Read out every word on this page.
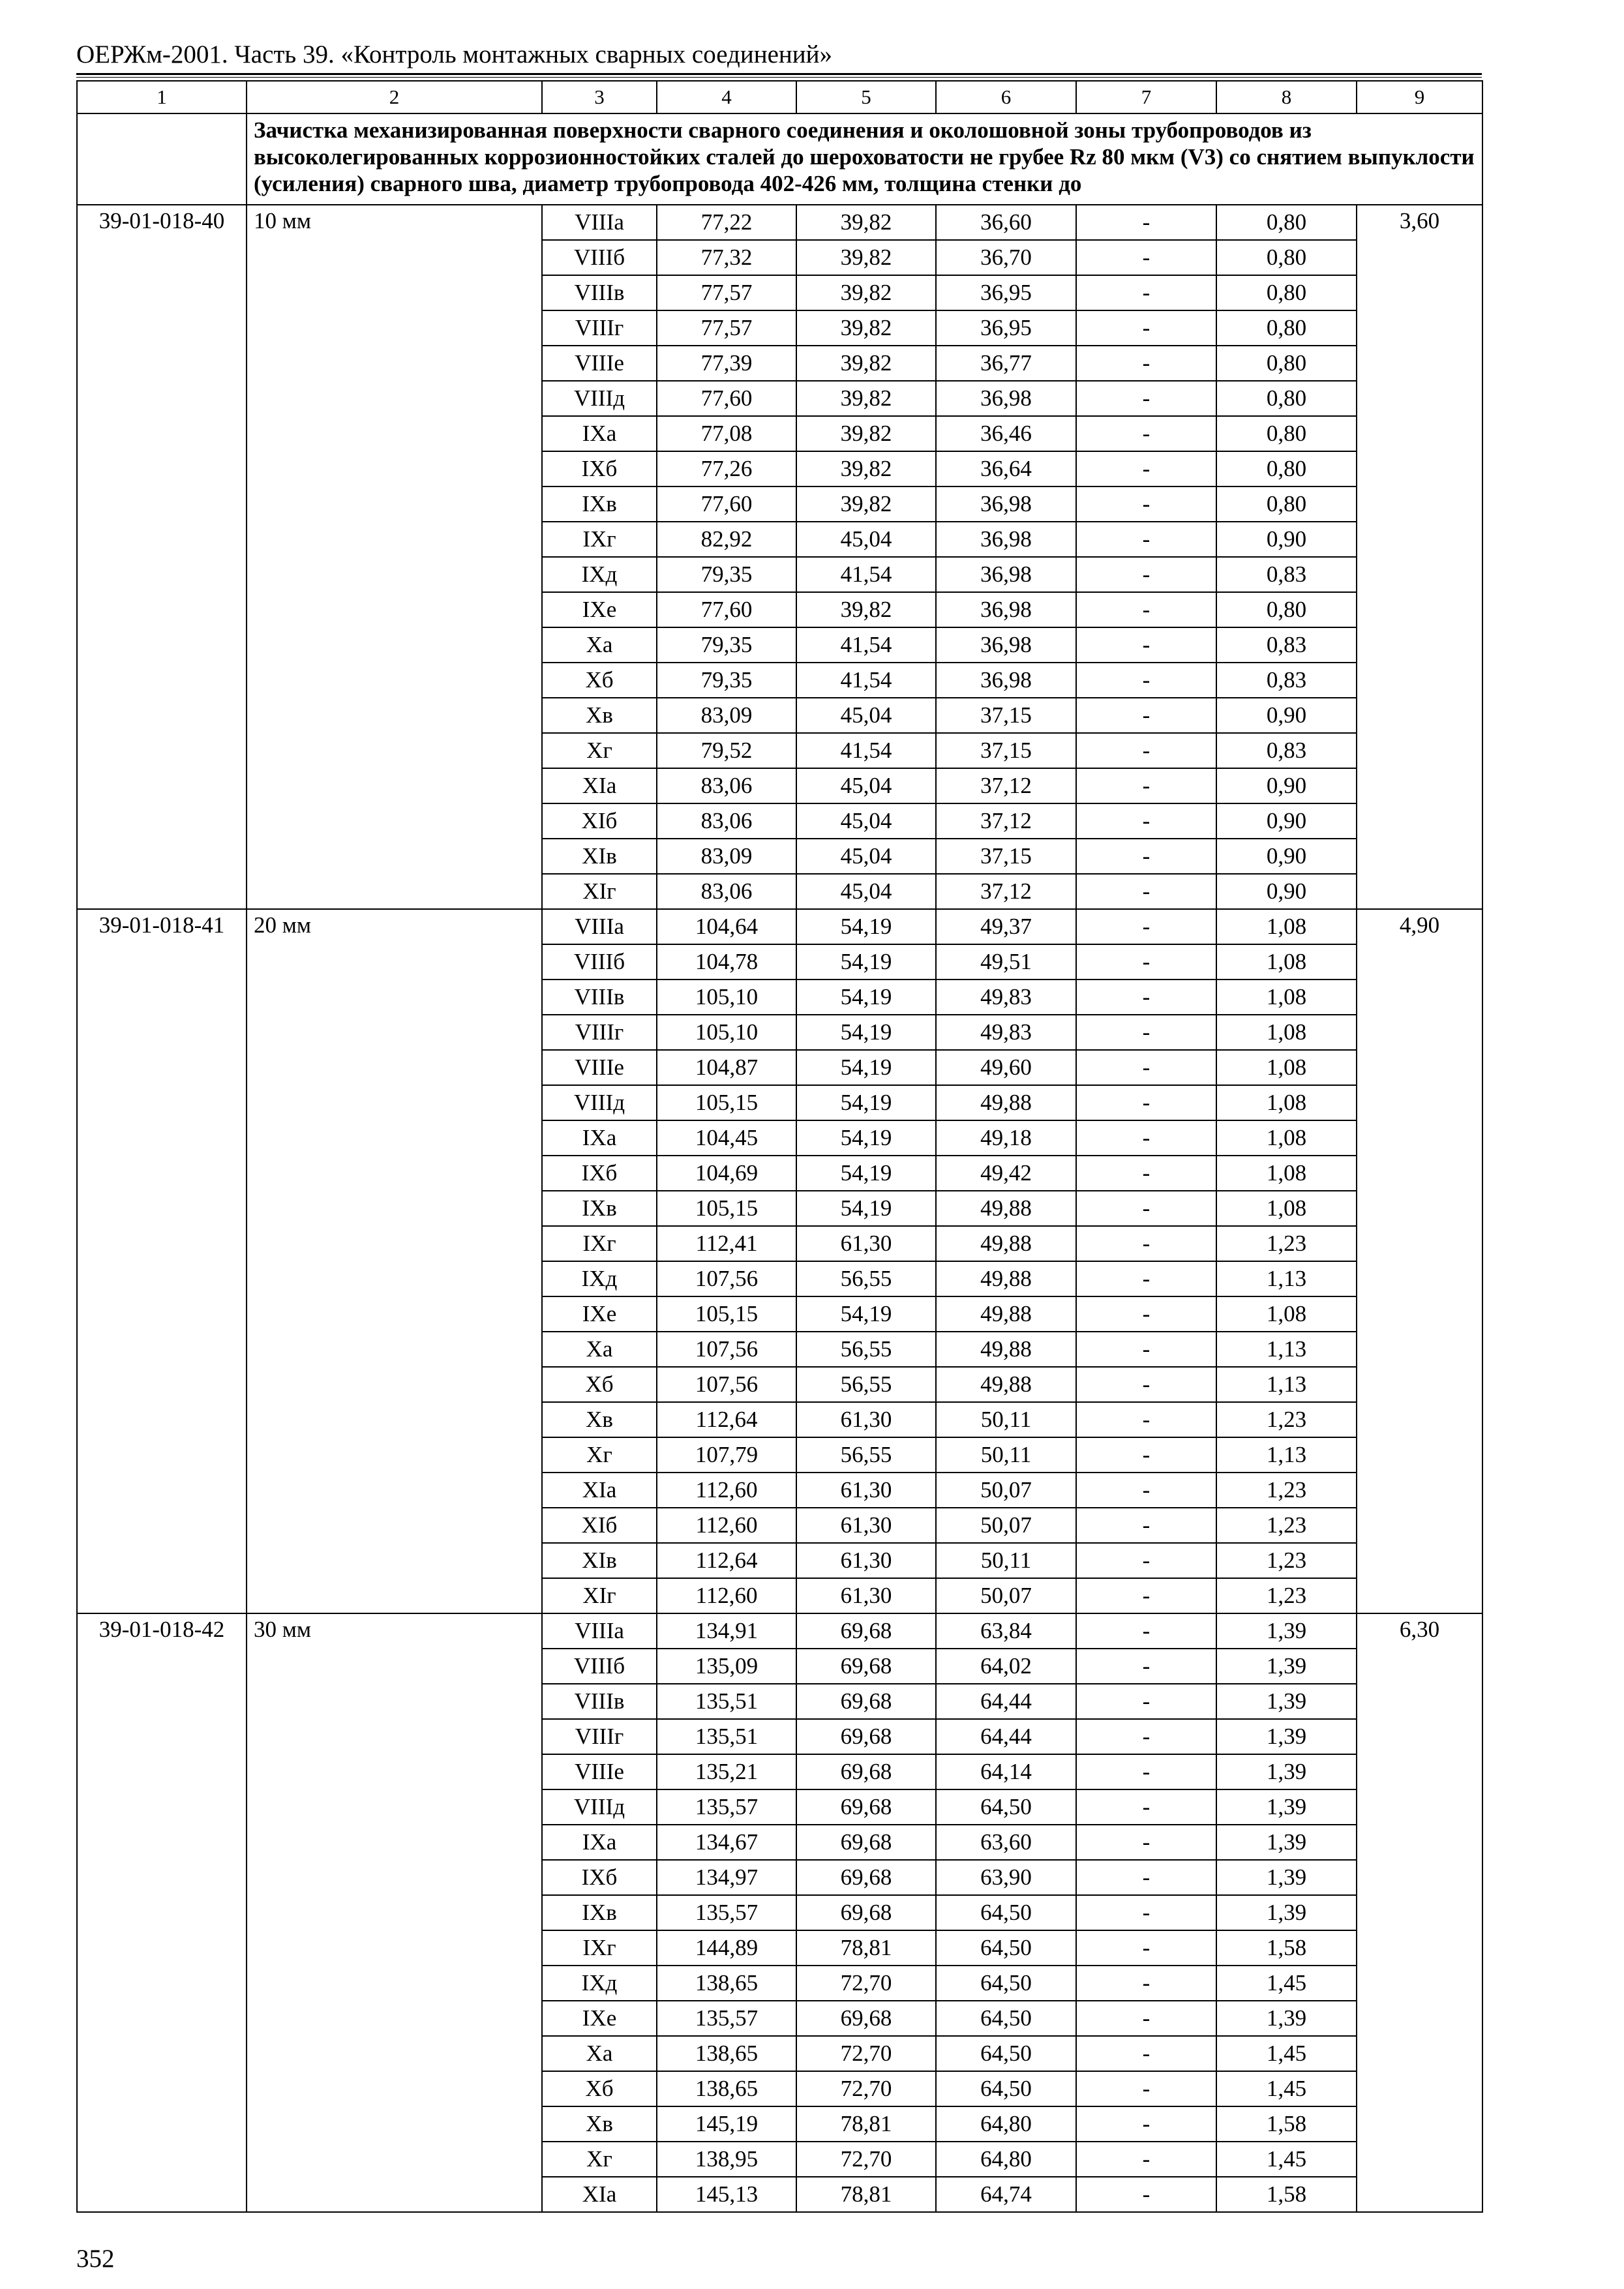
ОЕРЖм-2001. Часть 39. «Контроль монтажных сварных соединений»
1	2	3	4	5	6	7	8	9
	Зачистка механизированная поверхности сварного соединения и околошовной зоны трубопроводов из высоколегированных коррозионностойких сталей до шероховатости не грубее Rz 80 мкм (V3) со снятием выпуклости (усиления) сварного шва, диаметр трубопровода 402-426 мм, толщина стенки до							
39-01-018-40	10 мм	VIIIа	77,22	39,82	36,60	-	0,80	3,60
		VIIIб	77,32	39,82	36,70	-	0,80	
		VIIIв	77,57	39,82	36,95	-	0,80	
		VIIIг	77,57	39,82	36,95	-	0,80	
		VIIIе	77,39	39,82	36,77	-	0,80	
		VIIIд	77,60	39,82	36,98	-	0,80	
		IXа	77,08	39,82	36,46	-	0,80	
		IXб	77,26	39,82	36,64	-	0,80	
		IXв	77,60	39,82	36,98	-	0,80	
		IXг	82,92	45,04	36,98	-	0,90	
		IXд	79,35	41,54	36,98	-	0,83	
		IXе	77,60	39,82	36,98	-	0,80	
		Xа	79,35	41,54	36,98	-	0,83	
		Xб	79,35	41,54	36,98	-	0,83	
		Xв	83,09	45,04	37,15	-	0,90	
		Xг	79,52	41,54	37,15	-	0,83	
		XIа	83,06	45,04	37,12	-	0,90	
		XIб	83,06	45,04	37,12	-	0,90	
		XIв	83,09	45,04	37,15	-	0,90	
		XIг	83,06	45,04	37,12	-	0,90	
39-01-018-41	20 мм	VIIIа	104,64	54,19	49,37	-	1,08	4,90
		VIIIб	104,78	54,19	49,51	-	1,08	
		VIIIв	105,10	54,19	49,83	-	1,08	
		VIIIг	105,10	54,19	49,83	-	1,08	
		VIIIе	104,87	54,19	49,60	-	1,08	
		VIIIд	105,15	54,19	49,88	-	1,08	
		IXа	104,45	54,19	49,18	-	1,08	
		IXб	104,69	54,19	49,42	-	1,08	
		IXв	105,15	54,19	49,88	-	1,08	
		IXг	112,41	61,30	49,88	-	1,23	
		IXд	107,56	56,55	49,88	-	1,13	
		IXе	105,15	54,19	49,88	-	1,08	
		Xа	107,56	56,55	49,88	-	1,13	
		Xб	107,56	56,55	49,88	-	1,13	
		Xв	112,64	61,30	50,11	-	1,23	
		Xг	107,79	56,55	50,11	-	1,13	
		XIа	112,60	61,30	50,07	-	1,23	
		XIб	112,60	61,30	50,07	-	1,23	
		XIв	112,64	61,30	50,11	-	1,23	
		XIг	112,60	61,30	50,07	-	1,23	
39-01-018-42	30 мм	VIIIа	134,91	69,68	63,84	-	1,39	6,30
		VIIIб	135,09	69,68	64,02	-	1,39	
		VIIIв	135,51	69,68	64,44	-	1,39	
		VIIIг	135,51	69,68	64,44	-	1,39	
		VIIIе	135,21	69,68	64,14	-	1,39	
		VIIIд	135,57	69,68	64,50	-	1,39	
		IXа	134,67	69,68	63,60	-	1,39	
		IXб	134,97	69,68	63,90	-	1,39	
		IXв	135,57	69,68	64,50	-	1,39	
		IXг	144,89	78,81	64,50	-	1,58	
		IXд	138,65	72,70	64,50	-	1,45	
		IXе	135,57	69,68	64,50	-	1,39	
		Xа	138,65	72,70	64,50	-	1,45	
		Xб	138,65	72,70	64,50	-	1,45	
		Xв	145,19	78,81	64,80	-	1,58	
		Xг	138,95	72,70	64,80	-	1,45	
		XIа	145,13	78,81	64,74	-	1,58	
352
